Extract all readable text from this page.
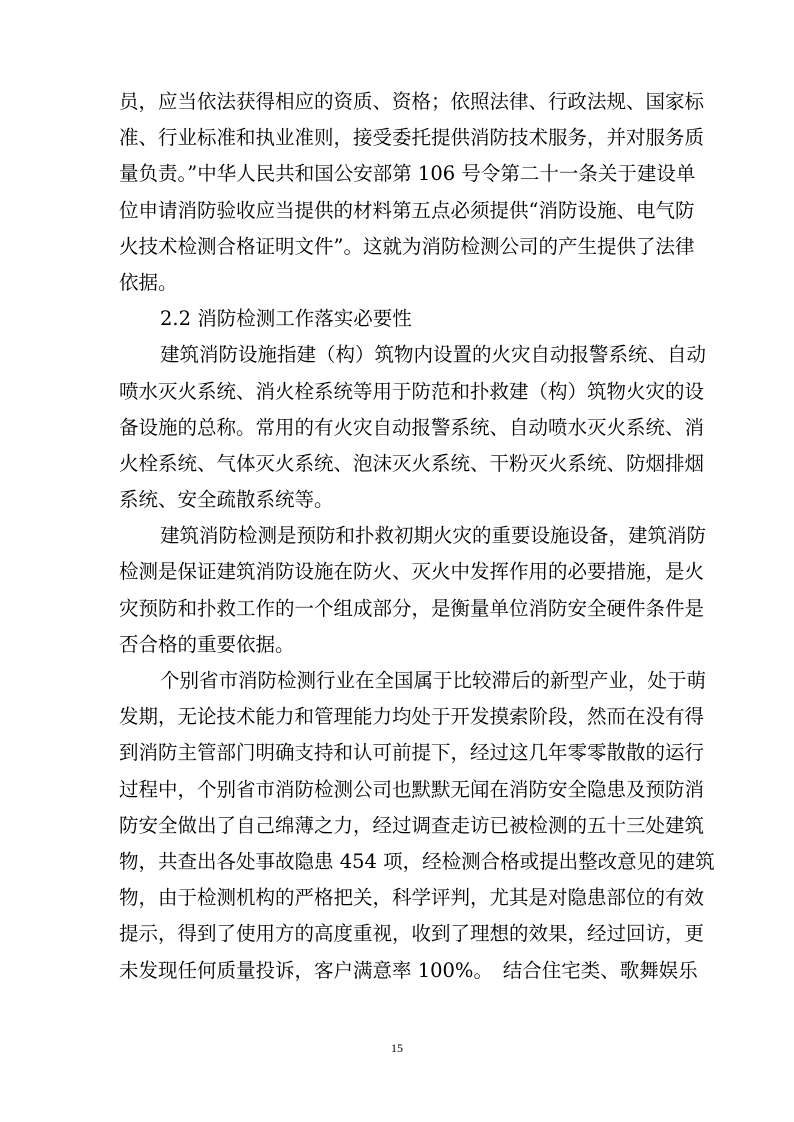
员，应当依法获得相应的资质、资格；依照法律、行政法规、国家标
准、行业标准和执业准则，接受委托提供消防技术服务，并对服务质
量负责。”中华人民共和国公安部第 106 号令第二十一条关于建设单
位申请消防验收应当提供的材料第五点必须提供“消防设施、电气防
火技术检测合格证明文件”。这就为消防检测公司的产生提供了法律
依据。
2.2 消防检测工作落实必要性
建筑消防设施指建（构）筑物内设置的火灾自动报警系统、自动
喷水灭火系统、消火栓系统等用于防范和扑救建（构）筑物火灾的设
备设施的总称。常用的有火灾自动报警系统、自动喷水灭火系统、消
火栓系统、气体灭火系统、泡沫灭火系统、干粉灭火系统、防烟排烟
系统、安全疏散系统等。
建筑消防检测是预防和扑救初期火灾的重要设施设备，建筑消防
检测是保证建筑消防设施在防火、灭火中发挥作用的必要措施，是火
灾预防和扑救工作的一个组成部分，是衡量单位消防安全硬件条件是
否合格的重要依据。
个别省市消防检测行业在全国属于比较滞后的新型产业，处于萌
发期，无论技术能力和管理能力均处于开发摸索阶段，然而在没有得
到消防主管部门明确支持和认可前提下，经过这几年零零散散的运行
过程中，个别省市消防检测公司也默默无闻在消防安全隐患及预防消
防安全做出了自己绵薄之力，经过调查走访已被检测的五十三处建筑
物，共查出各处事故隐患 454 项，经检测合格或提出整改意见的建筑
物，由于检测机构的严格把关，科学评判，尤其是对隐患部位的有效
提示，得到了使用方的高度重视，收到了理想的效果，经过回访，更
未发现任何质量投诉，客户满意率 100%。　结合住宅类、歌舞娱乐
15
